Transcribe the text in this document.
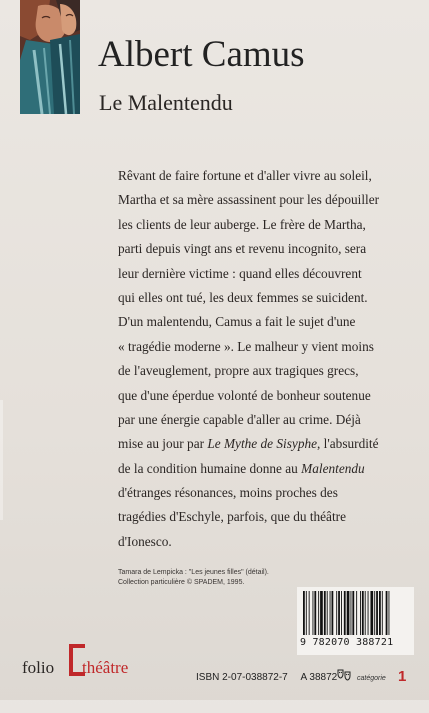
Albert Camus
Le Malentendu
Rêvant de faire fortune et d'aller vivre au soleil,
Martha et sa mère assassinent pour les dépouiller
les clients de leur auberge. Le frère de Martha,
parti depuis vingt ans et revenu incognito, sera
leur dernière victime : quand elles découvrent
qui elles ont tué, les deux femmes se suicident.
D'un malentendu, Camus a fait le sujet d'une
« tragédie moderne ». Le malheur y vient moins
de l'aveuglement, propre aux tragiques grecs,
que d'une éperdue volonté de bonheur soutenue
par une énergie capable d'aller au crime. Déjà
mise au jour par Le Mythe de Sisyphe, l'absurdité
de la condition humaine donne au Malentendu
d'étranges résonances, moins proches des
tragédies d'Eschyle, parfois, que du théâtre
d'Ionesco.
Tamara de Lempicka : "Les jeunes filles" (détail).
Collection particulière © SPADEM, 1995.
9 782070 388721
folio théâtre
ISBN 2-07-038872-7 A 38872	catégorie 1
